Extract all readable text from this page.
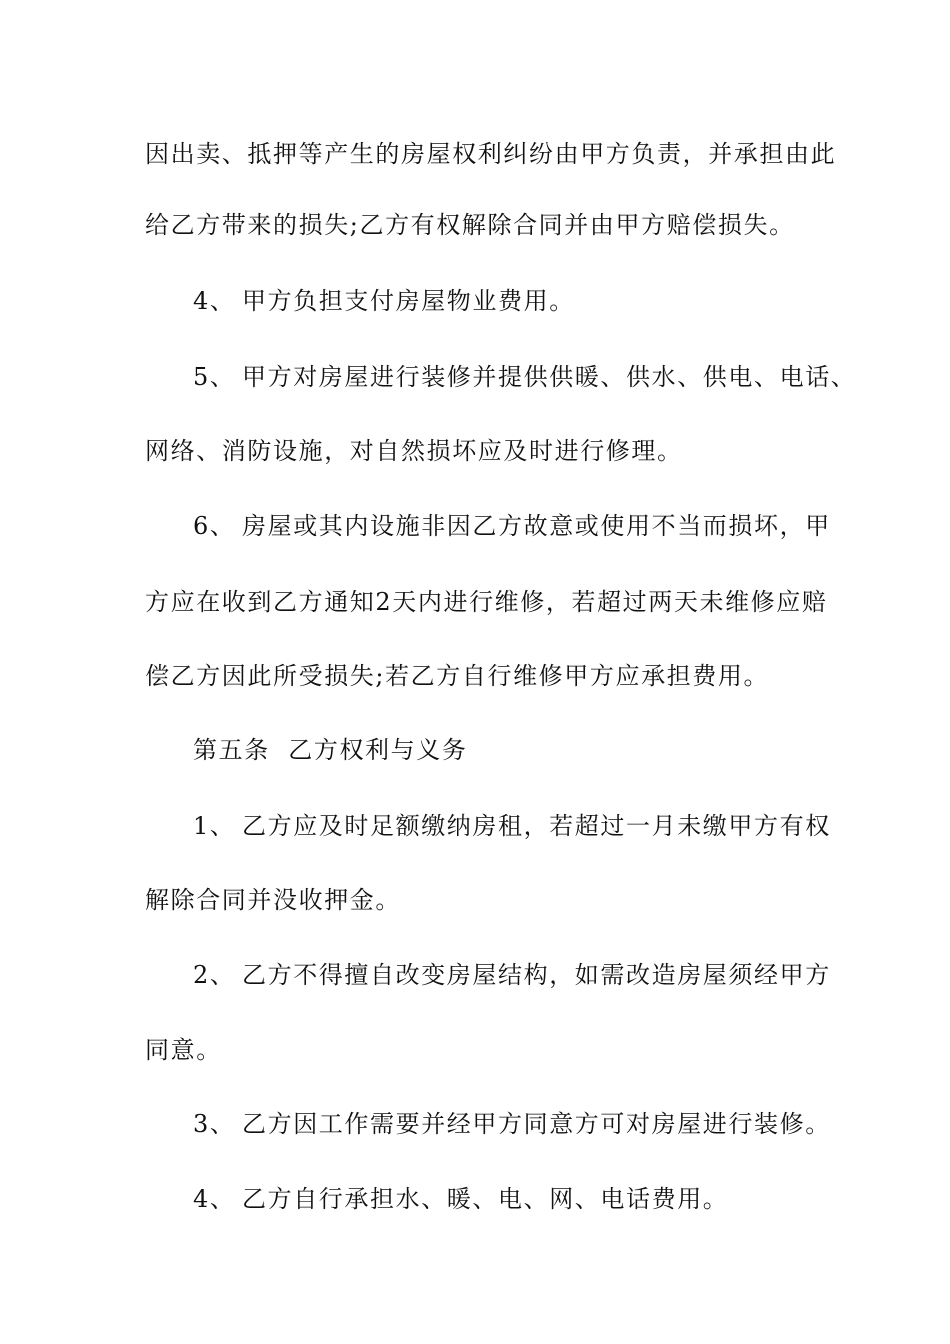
因出卖、抵押等产生的房屋权利纠纷由甲方负责，并承担由此
给乙方带来的损失;乙方有权解除合同并由甲方赔偿损失。
4、 甲方负担支付房屋物业费用。
5、 甲方对房屋进行装修并提供供暖、供水、供电、电话、
网络、消防设施，对自然损坏应及时进行修理。
6、 房屋或其内设施非因乙方故意或使用不当而损坏，甲
方应在收到乙方通知2天内进行维修，若超过两天未维修应赔
偿乙方因此所受损失;若乙方自行维修甲方应承担费用。
第五条  乙方权利与义务
1、 乙方应及时足额缴纳房租，若超过一月未缴甲方有权
解除合同并没收押金。
2、 乙方不得擅自改变房屋结构，如需改造房屋须经甲方
同意。
3、 乙方因工作需要并经甲方同意方可对房屋进行装修。
4、 乙方自行承担水、暖、电、网、电话费用。
